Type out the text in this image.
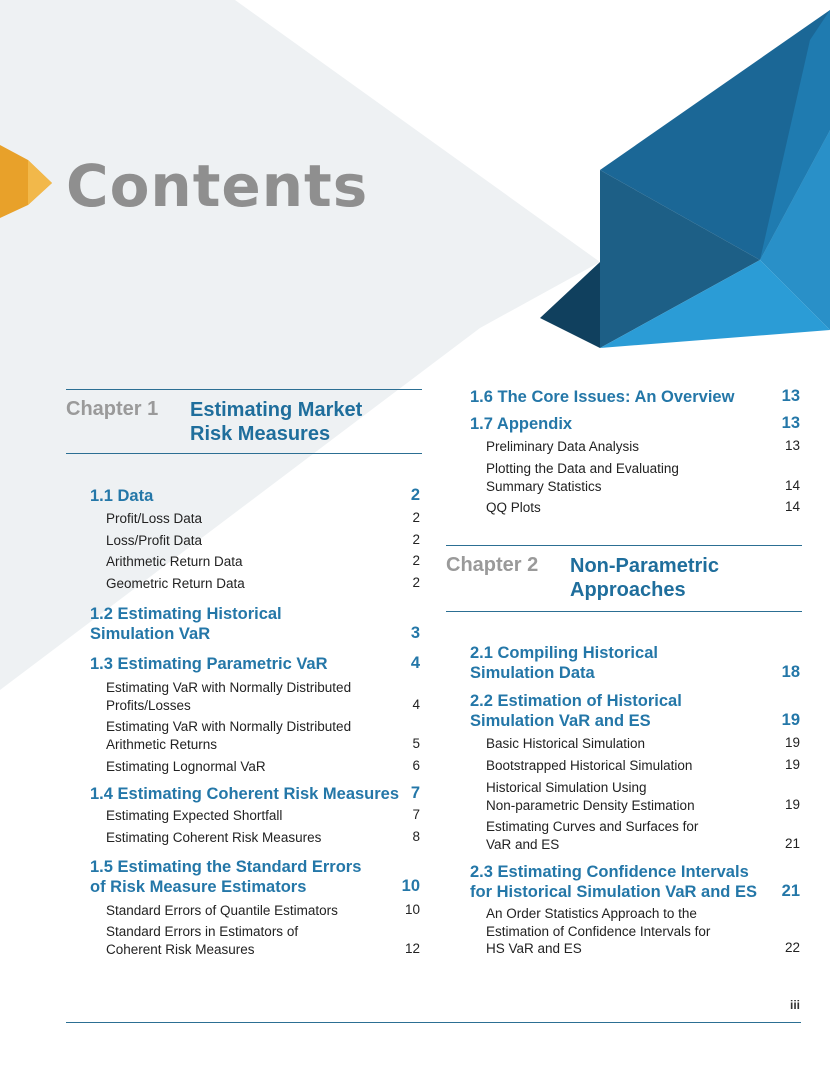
Contents
Chapter 1 Estimating Market
Risk Measures
1.1 Data	2
Profit/Loss Data	2
Loss/Profit Data	2
Arithmetic Return Data	2
Geometric Return Data	2
1.2 Estimating Historical
Simulation VaR	3
1.3 Estimating Parametric VaR	4
Estimating VaR with Normally Distributed
Profits/Losses	4
Estimating VaR with Normally Distributed
Arithmetic Returns	5
Estimating Lognormal VaR	6
1.4 Estimating Coherent Risk Measures 7
Estimating Expected Shortfall	7
Estimating Coherent Risk Measures	8
1.5 Estimating the Standard Errors
of Risk Measure Estimators	10
Standard Errors of Quantile Estimators	10
Standard Errors in Estimators of
Coherent Risk Measures	12
1.6 The Core Issues: An Overview	13
1.7 Appendix	13
Preliminary Data Analysis	13
Plotting the Data and Evaluating
Summary Statistics	14
QQ Plots	14
Chapter 2 Non-Parametric
Approaches
2.1 Compiling Historical
Simulation Data	18
2.2 Estimation of Historical
Simulation VaR and ES	19
Basic Historical Simulation	19
Bootstrapped Historical Simulation	19
Historical Simulation Using
Non-parametric Density Estimation	19
Estimating Curves and Surfaces for
VaR and ES	21
2.3 Estimating Confidence Intervals
for Historical Simulation VaR and ES 21
An Order Statistics Approach to the
Estimation of Confidence Intervals for
HS VaR and ES	22
iii
